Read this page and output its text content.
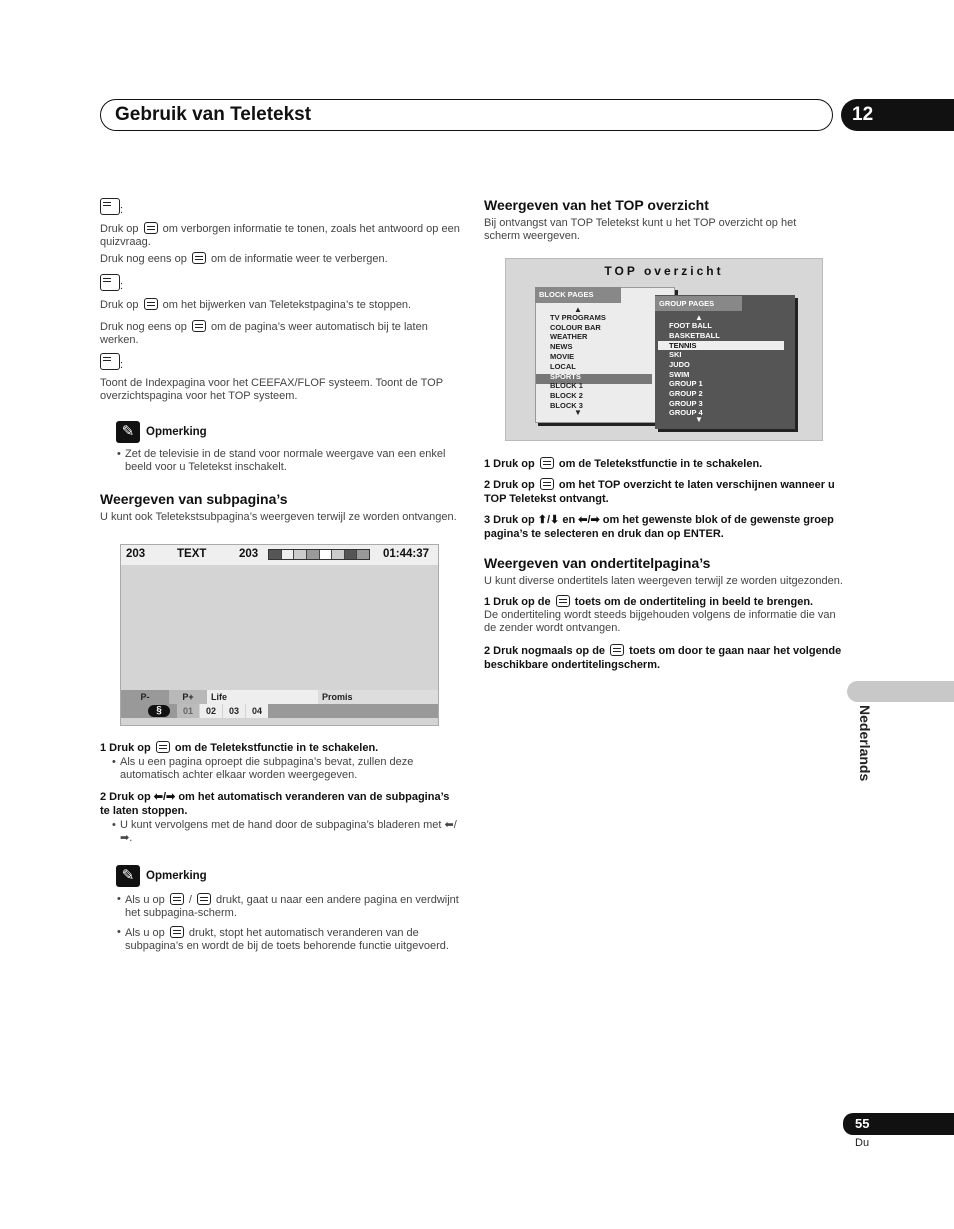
Gebruik van Teletekst	12
Nederlands
:

Druk op  om verborgen informatie te tonen, zoals het antwoord op een quizvraag.

Druk nog eens op  om de informatie weer te verbergen.

:

Druk op  om het bijwerken van Teletekstpagina’s te stoppen.

Druk nog eens op  om de pagina’s weer automatisch bij te laten werken.

:

Toont de Indexpagina voor het CEEFAX/FLOF systeem. Toont de TOP overzichtspagina voor het TOP systeem.

✎ Opmerking

• Zet de televisie in de stand voor normale weergave van een enkel beeld voor u Teletekst inschakelt.

Weergeven van subpagina’s

U kunt ook Teletekstsubpagina’s weergeven terwijl ze worden ontvangen.

203	TEXT	203	01:44:37
P-	P+	Life	Promis
§	01	02	03	04

1 Druk op  om de Teletekstfunctie in te schakelen.

• Als u een pagina oproept die subpagina’s bevat, zullen deze automatisch achter elkaar worden weergegeven.

2 Druk op ⬅/➡ om het automatisch veranderen van de subpagina’s te laten stoppen.

• U kunt vervolgens met de hand door de subpagina’s bladeren met ⬅/➡.

✎ Opmerking

• Als u op  /  drukt, gaat u naar een andere pagina en verdwijnt het subpagina-scherm.

• Als u op  drukt, stopt het automatisch veranderen van de subpagina’s en wordt de bij de toets behorende functie uitgevoerd.

Weergeven van het TOP overzicht

Bij ontvangst van TOP Teletekst kunt u het TOP overzicht op het scherm weergeven.

TOP overzicht
▲
TV PROGRAMS
COLOUR BAR
WEATHER
NEWS
MOVIE
LOCAL
SPORTS
BLOCK 1
BLOCK 2
BLOCK 3
▼
BLOCK PAGES
▲
FOOT BALL
BASKETBALL
TENNIS
SKI
JUDO
SWIM
GROUP 1
GROUP 2
GROUP 3
GROUP 4
▼
GROUP PAGES

1 Druk op  om de Teletekstfunctie in te schakelen.

2 Druk op  om het TOP overzicht te laten verschijnen wanneer u TOP Teletekst ontvangt.

3 Druk op ⬆/⬇ en ⬅/➡ om het gewenste blok of de gewenste groep pagina’s te selecteren en druk dan op ENTER.

Weergeven van ondertitelpagina’s

U kunt diverse ondertitels laten weergeven terwijl ze worden uitgezonden.

1 Druk op de  toets om de ondertiteling in beeld te brengen.

De ondertiteling wordt steeds bijgehouden volgens de informatie die van de zender wordt ontvangen.

2 Druk nogmaals op de  toets om door te gaan naar het volgende beschikbare ondertitelingscherm.

55
Du
